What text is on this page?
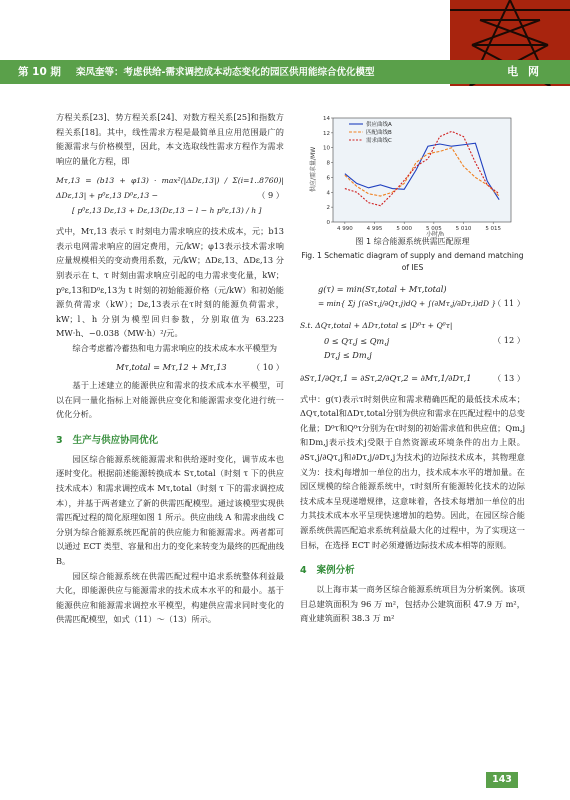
第 10 期 栾凤奎等：考虑供给-需求调控成本动态变化的园区供用能综合优化模型	电 网

方程关系[23]、势方程关系[24]、对数方程关系[25]和指数方程关系[18]。其中，线性需求方程是最简单且应用范围最广的能源需求与价格模型，因此，本文选取线性需求方程作为需求响应的量化方程，即

Mτ,13 = (b13 + φ13) · max²(|ΔDε,13|) / Σ(i=1..8760)|ΔDε,13| + p⁰ε,13 D⁰ε,13 −
[ p⁰ε,13 Dε,13 + Dε,13(Dε,13 − l − h p⁰ε,13) / h ]
（ 9 ）

式中，Mτ,13 表示 τ 时刻电力需求响应的技术成本，元；b13表示电网需求响应的固定费用，元/kW；φ13表示技术需求响应量规模相关的变动费用系数，元/kW；ΔDε,13、ΔDε,13 分别表示在 t、τ 时刻由需求响应引起的电力需求变化量，kW；p⁰ε,13和D⁰ε,13为 t 时刻的初始能源价格（元/kW）和初始能源负荷需求（kW）；Dε,13表示在τ时刻的能源负荷需求，kW；l、h 分别为模型回归参数，分别取值为 63.223 MW·h、−0.038（MW·h）²/元。

综合考虑蓄冷蓄热和电力需求响应的技术成本水平模型为

Mτ,total = Mτ,12 + Mτ,13	（ 10 ）

基于上述建立的能源供应和需求的技术成本水平模型，可以在同一量化指标上对能源供应变化和能源需求变化进行统一优化分析。

3 生产与供应协同优化

园区综合能源系统能源需求和供给逐时变化，调节成本也逐时变化。根据前述能源转换成本 Sτ,total（时刻 τ 下的供应技术成本）和需求调控成本 Mτ,total（时刻 τ 下的需求调控成本），并基于两者建立了新的供需匹配模型。通过该模型实现供需匹配过程的简化原理如图 1 所示。供应曲线 A 和需求曲线 C 分别为综合能源系统匹配前的供应能力和能源需求。两者都可以通过 ECT 类型、容量和出力的变化来转变为最终的匹配曲线 B。

园区综合能源系统在供需匹配过程中追求系统整体利益最大化，即能源供应与能源需求的技术成本水平的和最小。基于能源供应和能源需求调控水平模型，构建供应需求同时变化的供需匹配模型，如式（11）～（13）所示。

0
2
4
6
8
10
12
14
4 990	4 995	5 000	5 005	5 010	5 015
供应曲线A
匹配曲线B
需求曲线C
供应/需求量/MW
小时/h
图 1 综合能源系统供需匹配原理
Fig. 1 Schematic diagram of supply and demand matching of IES
g(τ) = min(Sτ,total + Mτ,total)
= min{ Σj ∫(∂Sτ,j/∂Qτ,j)dQ + ∫(∂Mτ,j/∂Dτ,i)dD }
（ 11 ）
S.t. ΔQτ,total + ΔDτ,total ≤ |D⁰τ + Q⁰τ|
0 ≤ Qτ,j ≤ Qm,j
Dτ,j ≤ Dm,j
（ 12 ）
∂Sτ,1/∂Qτ,1 = ∂Sτ,2/∂Qτ,2 = ∂Mτ,1/∂Dτ,1	（ 13 ）

式中：g(τ)表示τ时刻供应和需求精确匹配的最低技术成本；ΔQτ,total和ΔDτ,total分别为供应和需求在匹配过程中的总变化量；D⁰τ和Q⁰τ分别为在τ时刻的初始需求值和供应值；Qm,j和Dm,j表示技术j受限于自然资源或环境条件的出力上限。∂Sτ,j/∂Qτ,j和∂Dτ,j/∂Dτ,j为技术j的边际技术成本，其物理意义为：技术j每增加一单位的出力，技术成本水平的增加量。在园区规模的综合能源系统中，τ时刻所有能源转化技术的边际技术成本呈现递增规律，这意味着，各技术每增加一单位的出力其技术成本水平呈现快速增加的趋势。因此，在园区综合能源系统供需匹配追求系统利益最大化的过程中，为了实现这一目标，在选择 ECT 时必须遵循边际技术成本相等的原则。

4 案例分析

以上海市某一商务区综合能源系统项目为分析案例。该项目总建筑面积为 96 万 m²，包括办公建筑面积 47.9 万 m²，商业建筑面积 38.3 万 m²

143
